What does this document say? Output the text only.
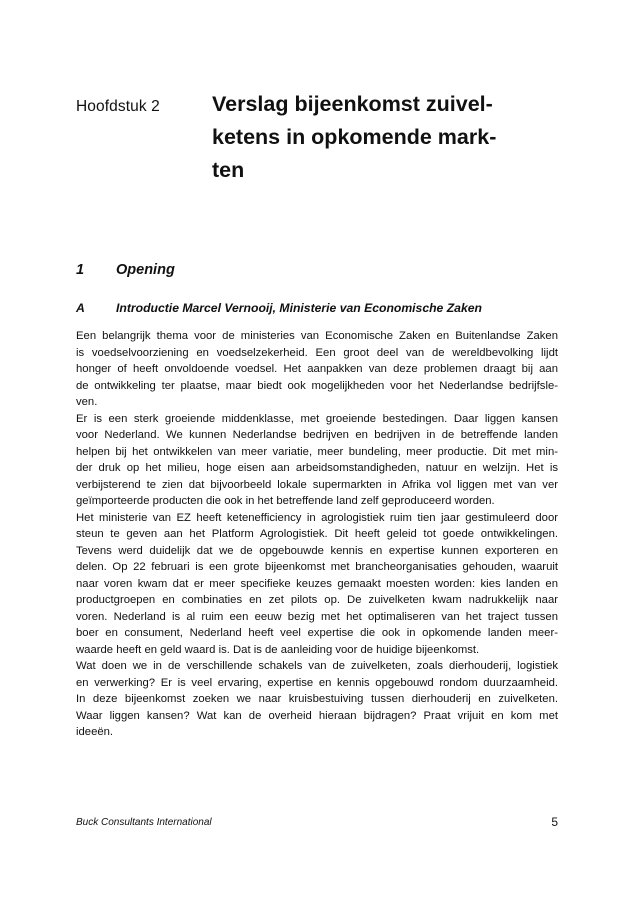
Hoofdstuk 2 Verslag bijeenkomst zuivel-
ketens in opkomende mark-
ten
1 Opening
A	Introductie Marcel Vernooij, Ministerie van Economische Zaken
Een belangrijk thema voor de ministeries van Economische Zaken en Buitenlandse Zaken
is voedselvoorziening en voedselzekerheid. Een groot deel van de wereldbevolking lijdt
honger of heeft onvoldoende voedsel. Het aanpakken van deze problemen draagt bij aan
de ontwikkeling ter plaatse, maar biedt ook mogelijkheden voor het Nederlandse bedrijfsle-
ven.
Er is een sterk groeiende middenklasse, met groeiende bestedingen. Daar liggen kansen
voor Nederland. We kunnen Nederlandse bedrijven en bedrijven in de betreffende landen
helpen bij het ontwikkelen van meer variatie, meer bundeling, meer productie. Dit met min-
der druk op het milieu, hoge eisen aan arbeidsomstandigheden, natuur en welzijn. Het is
verbijsterend te zien dat bijvoorbeeld lokale supermarkten in Afrika vol liggen met van ver
geïmporteerde producten die ook in het betreffende land zelf geproduceerd worden.
Het ministerie van EZ heeft ketenefficiency in agrologistiek ruim tien jaar gestimuleerd door
steun te geven aan het Platform Agrologistiek. Dit heeft geleid tot goede ontwikkelingen.
Tevens werd duidelijk dat we de opgebouwde kennis en expertise kunnen exporteren en
delen. Op 22 februari is een grote bijeenkomst met brancheorganisaties gehouden, waaruit
naar voren kwam dat er meer specifieke keuzes gemaakt moesten worden: kies landen en
productgroepen en combinaties en zet pilots op. De zuivelketen kwam nadrukkelijk naar
voren. Nederland is al ruim een eeuw bezig met het optimaliseren van het traject tussen
boer en consument, Nederland heeft veel expertise die ook in opkomende landen meer-
waarde heeft en geld waard is. Dat is de aanleiding voor de huidige bijeenkomst.
Wat doen we in de verschillende schakels van de zuivelketen, zoals dierhouderij, logistiek
en verwerking? Er is veel ervaring, expertise en kennis opgebouwd rondom duurzaamheid.
In deze bijeenkomst zoeken we naar kruisbestuiving tussen dierhouderij en zuivelketen.
Waar liggen kansen? Wat kan de overheid hieraan bijdragen? Praat vrijuit en kom met
ideeën.
Buck Consultants International	5
